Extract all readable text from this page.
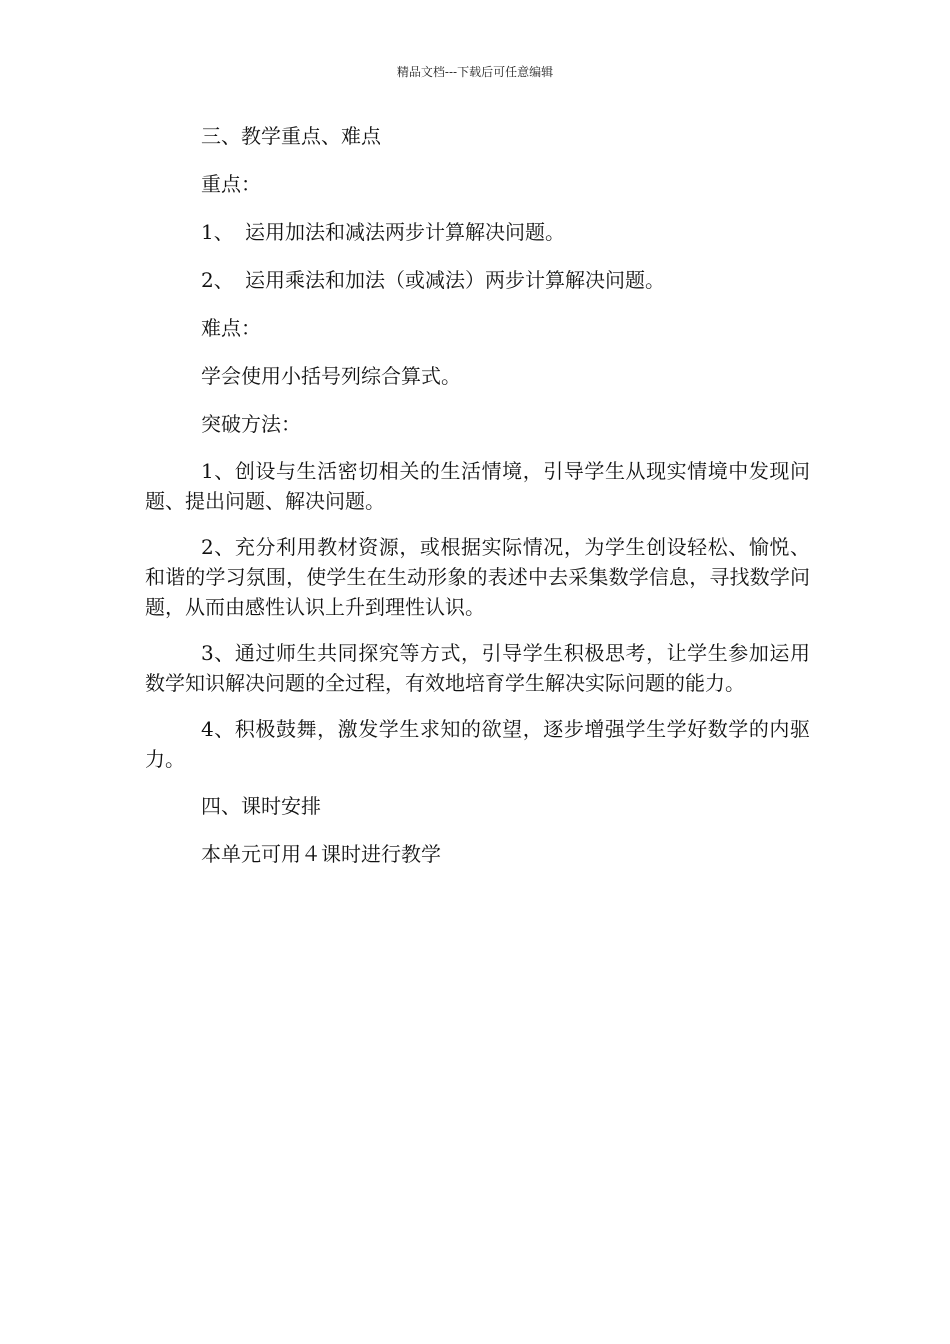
精品文档---下载后可任意编辑

三、教学重点、难点

重点：

1、 运用加法和减法两步计算解决问题。

2、 运用乘法和加法（或减法）两步计算解决问题。

难点：

学会使用小括号列综合算式。

突破方法：

1、创设与生活密切相关的生活情境，引导学生从现实情境中发现问题、提出问题、解决问题。

2、充分利用教材资源，或根据实际情况，为学生创设轻松、愉悦、和谐的学习氛围，使学生在生动形象的表述中去采集数学信息，寻找数学问题，从而由感性认识上升到理性认识。

3、通过师生共同探究等方式，引导学生积极思考，让学生参加运用数学知识解决问题的全过程，有效地培育学生解决实际问题的能力。

4、积极鼓舞，激发学生求知的欲望，逐步增强学生学好数学的内驱力。

四、课时安排

本单元可用４课时进行教学
